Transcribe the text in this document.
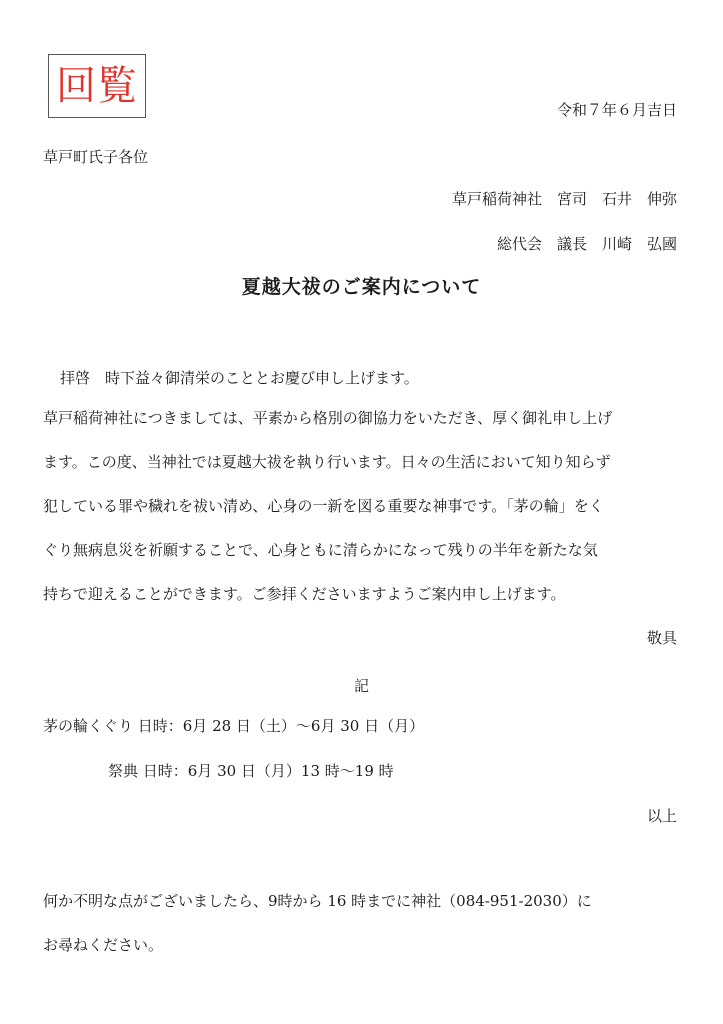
回覧
令和７年６月吉日
草戸町氏子各位
草戸稲荷神社　宮司　石井　伸弥
総代会　議長　川崎　弘國
夏越大祓のご案内について
拝啓　時下益々御清栄のこととお慶び申し上げます。
草戸稲荷神社につきましては、平素から格別の御協力をいただき、厚く御礼申し上げ
ます。この度、当神社では夏越大祓を執り行います。日々の生活において知り知らず
犯している罪や穢れを祓い清め、心身の一新を図る重要な神事です。「茅の輪」をく
ぐり無病息災を祈願することで、心身ともに清らかになって残りの半年を新たな気
持ちで迎えることができます。ご参拝くださいますようご案内申し上げます。
敬具
記
茅の輪くぐり 日時：6月 28 日（土）～6月 30 日（月）
祭典 日時：6月 30 日（月）13 時～19 時
以上
何か不明な点がございましたら、9時から 16 時までに神社（084-951-2030）に
お尋ねください。
